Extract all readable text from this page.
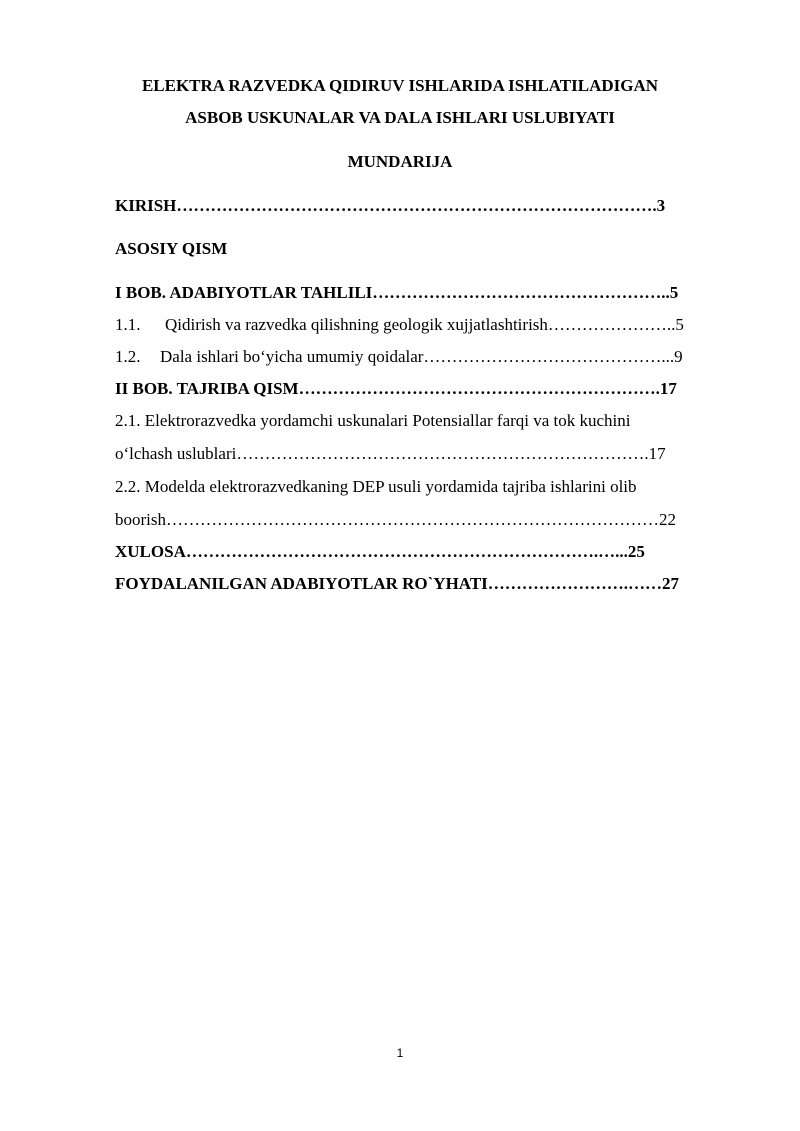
ELEKTRA RAZVEDKA QIDIRUV ISHLARIDA ISHLATILADIGAN
ASBOB USKUNALAR VA DALA ISHLARI USLUBIYATI
MUNDARIJA
KIRISH………………………………………………………………………….3
ASOSIY QISM
I BOB. ADABIYOTLAR TAHLILI……………………………………………..5
1.1. Qidirish va razvedka qilishning geologik xujjatlashtirish…………………..5
1.2. Dala ishlari bo‘yicha umumiy qoidalar……………………………………...9
II BOB. TAJRIBA QISM……………………………………………………….17
2.1. Elektrorazvedka yordamchi uskunalari Potensiallar farqi va tok kuchini
o‘lchash uslublari……………………………………………………………….17
2.2. Modelda elektrorazvedkaning DEP usuli yordamida tajriba ishlarini olib
boorish……………………………………………………………………………22
XULOSA……………………………………………………………….…...25
FOYDALANILGAN ADABIYOTLAR RO`YHATI…………………….……27
1
